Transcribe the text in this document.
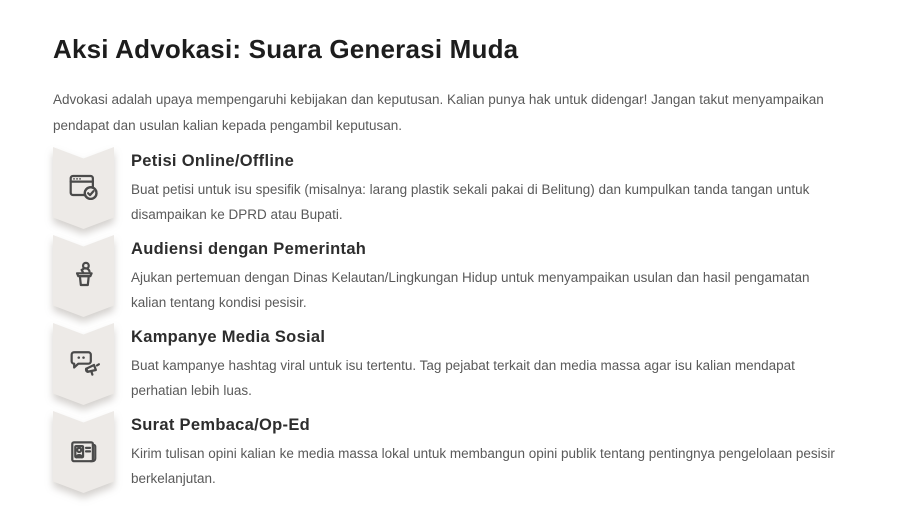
Aksi Advokasi: Suara Generasi Muda

Advokasi adalah upaya mempengaruhi kebijakan dan keputusan. Kalian punya hak untuk didengar! Jangan takut menyampaikan pendapat dan usulan kalian kepada pengambil keputusan.

Petisi Online/Offline

Buat petisi untuk isu spesifik (misalnya: larang plastik sekali pakai di Belitung) dan kumpulkan tanda tangan untuk disampaikan ke DPRD atau Bupati.

Audiensi dengan Pemerintah

Ajukan pertemuan dengan Dinas Kelautan/Lingkungan Hidup untuk menyampaikan usulan dan hasil pengamatan kalian tentang kondisi pesisir.

Kampanye Media Sosial

Buat kampanye hashtag viral untuk isu tertentu. Tag pejabat terkait dan media massa agar isu kalian mendapat perhatian lebih luas.

Surat Pembaca/Op-Ed

Kirim tulisan opini kalian ke media massa lokal untuk membangun opini publik tentang pentingnya pengelolaan pesisir berkelanjutan.
